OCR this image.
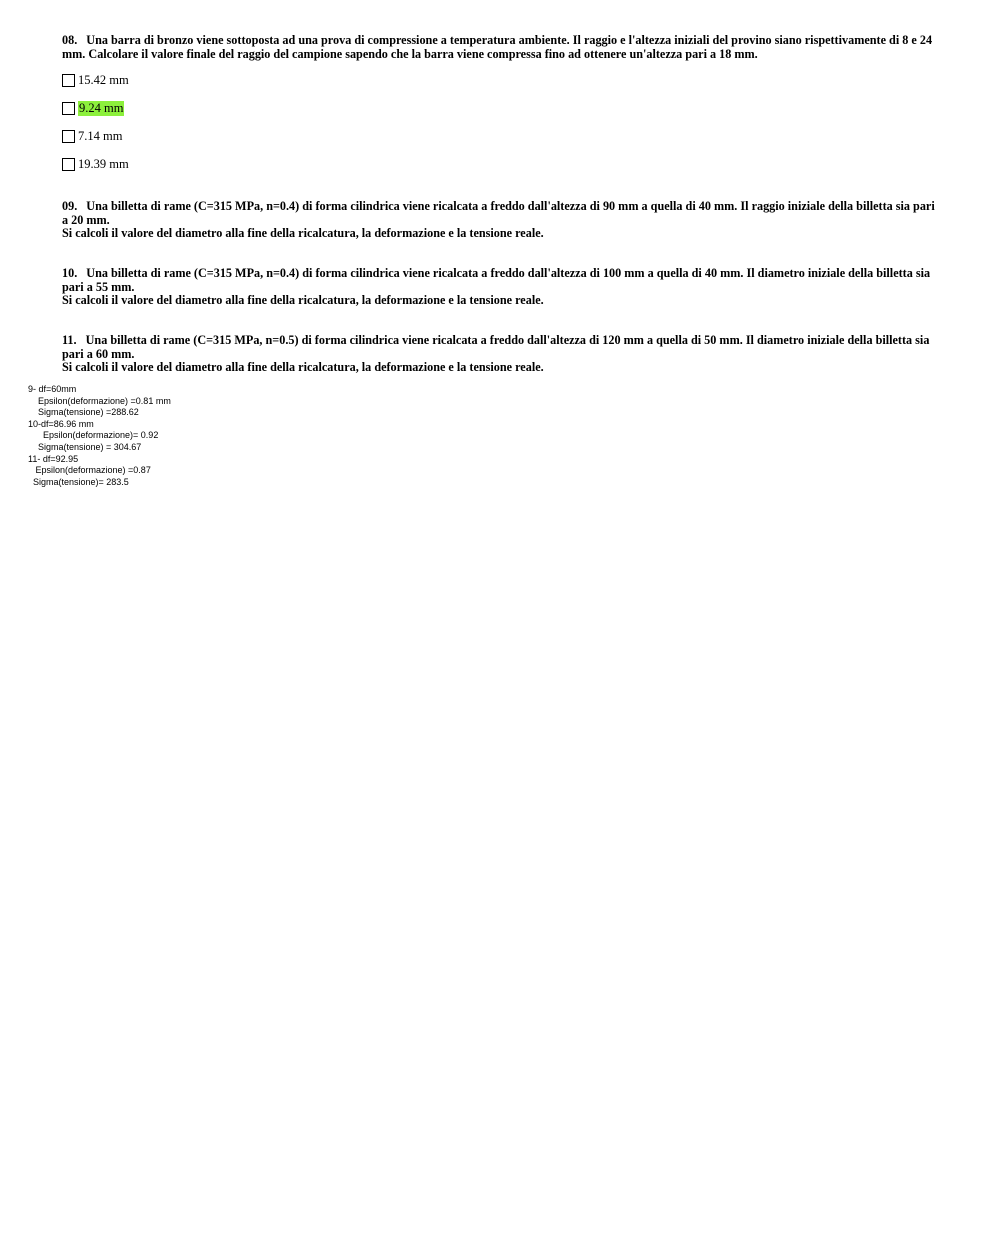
08. Una barra di bronzo viene sottoposta ad una prova di compressione a temperatura ambiente. Il raggio e l'altezza iniziali del provino siano rispettivamente di 8 e 24 mm. Calcolare il valore finale del raggio del campione sapendo che la barra viene compressa fino ad ottenere un'altezza pari a 18 mm.
15.42 mm
9.24 mm
7.14 mm
19.39 mm
09. Una billetta di rame (C=315 MPa, n=0.4) di forma cilindrica viene ricalcata a freddo dall'altezza di 90 mm a quella di 40 mm. Il raggio iniziale della billetta sia pari a 20 mm.
Si calcoli il valore del diametro alla fine della ricalcatura, la deformazione e la tensione reale.
10. Una billetta di rame (C=315 MPa, n=0.4) di forma cilindrica viene ricalcata a freddo dall'altezza di 100 mm a quella di 40 mm. Il diametro iniziale della billetta sia pari a 55 mm.
Si calcoli il valore del diametro alla fine della ricalcatura, la deformazione e la tensione reale.
11. Una billetta di rame (C=315 MPa, n=0.5) di forma cilindrica viene ricalcata a freddo dall'altezza di 120 mm a quella di 50 mm. Il diametro iniziale della billetta sia pari a 60 mm.
Si calcoli il valore del diametro alla fine della ricalcatura, la deformazione e la tensione reale.
9- df=60mm
Epsilon(deformazione) =0.81 mm
Sigma(tensione) =288.62
10-df=86.96 mm
Epsilon(deformazione)= 0.92
Sigma(tensione) = 304.67
11- df=92.95
Epsilon(deformazione) =0.87
Sigma(tensione)= 283.5
